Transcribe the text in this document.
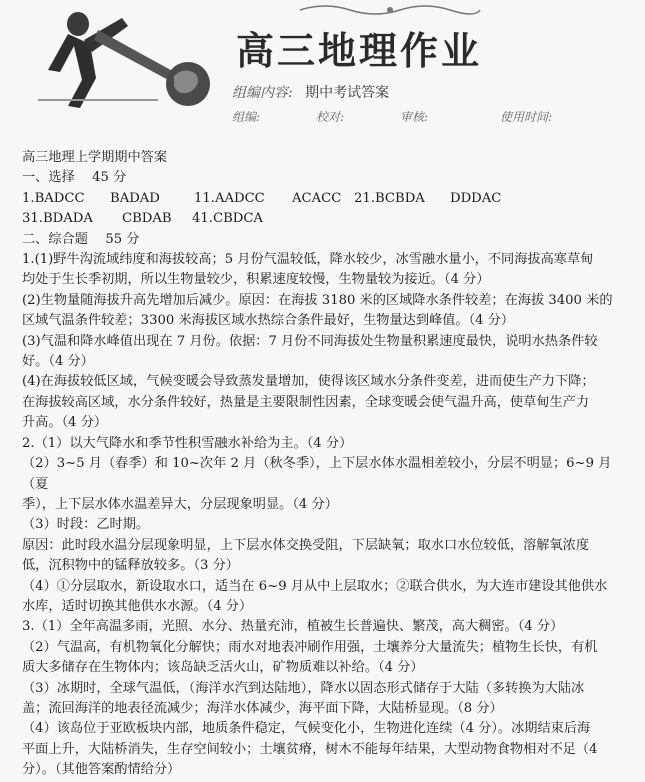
高三地理作业
组编内容: 期中考试答案
组编:	校对:	审核:	使用时间:

高三地理上学期期中答案

一、选择　 45 分

1.BADCC	BADAD	11.AADCC	ACACC 21.BCBDA	DDDAC
31.BDADA	CBDAB	41.CBDCA

二、综合题　 55 分

1.(1)野牛沟流域纬度和海拔较高；5 月份气温较低，降水较少，冰雪融水量小，不同海拔高寒草甸

均处于生长季初期，所以生物量较少，积累速度较慢，生物量较为接近。（4 分）

(2)生物量随海拔升高先增加后减少。原因：在海拔 3180 米的区域降水条件较差；在海拔 3400 米的

区域气温条件较差；3300 米海拔区域水热综合条件最好，生物量达到峰值。（4 分）

(3)气温和降水峰值出现在 7 月份。依据：7 月份不同海拔处生物量积累速度最快，说明水热条件较

好。（4 分）

(4)在海拔较低区域，气候变暖会导致蒸发量增加，使得该区域水分条件变差，进而使生产力下降；

在海拔较高区域，水分条件较好，热量是主要限制性因素，全球变暖会使气温升高，使草甸生产力

升高。（4 分）

2.（1）以大气降水和季节性积雪融水补给为主。（4 分）

（2）3~5 月（春季）和 10~次年 2 月（秋冬季），上下层水体水温相差较小，分层不明显；6~9 月（夏

季），上下层水体水温差异大，分层现象明显。（4 分）

（3）时段：乙时期。

原因：此时段水温分层现象明显，上下层水体交换受阻，下层缺氧；取水口水位较低，溶解氧浓度

低，沉积物中的锰释放较多。（3 分）

（4）①分层取水，新设取水口，适当在 6~9 月从中上层取水；②联合供水，为大连市建设其他供水

水库，适时切换其他供水水源。（4 分）

3.（1）全年高温多雨，光照、水分、热量充沛，植被生长普遍快、繁茂，高大稠密。（4 分）

（2）气温高，有机物氧化分解快；雨水对地表冲刷作用强，土壤养分大量流失；植物生长快，有机

质大多储存在生物体内；该岛缺乏活火山，矿物质难以补给。（4 分）

（3）冰期时，全球气温低，（海洋水汽到达陆地），降水以固态形式储存于大陆（多转换为大陆冰

盖；流回海洋的地表径流减少；海洋水体减少，海平面下降，大陆桥显现。（8 分）

（4）该岛位于亚欧板块内部，地质条件稳定，气候变化小，生物进化连续（4 分）。冰期结束后海

平面上升，大陆桥消失，生存空间较小；土壤贫瘠，树木不能每年结果，大型动物食物相对不足（4

分）。（其他答案酌情给分）
